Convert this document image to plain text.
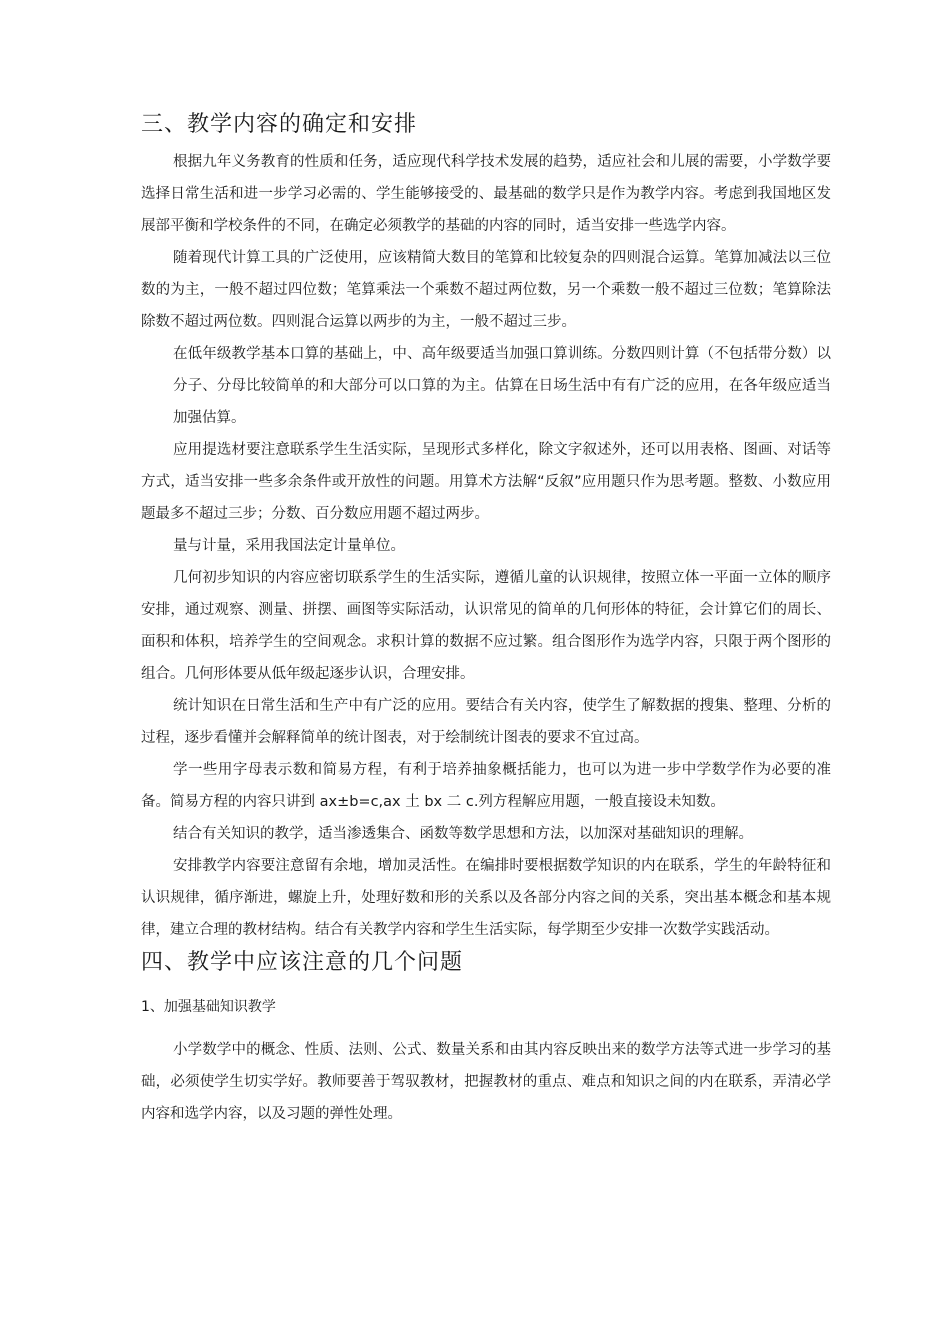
三、教学内容的确定和安排

根据九年义务教育的性质和任务，适应现代科学技术发展的趋势，适应社会和儿展的需要，小学数学要选择日常生活和进一步学习必需的、学生能够接受的、最基础的数学只是作为教学内容。考虑到我国地区发展部平衡和学校条件的不同，在确定必须教学的基础的内容的同时，适当安排一些选学内容。

随着现代计算工具的广泛使用，应该精简大数目的笔算和比较复杂的四则混合运算。笔算加减法以三位数的为主，一般不超过四位数；笔算乘法一个乘数不超过两位数，另一个乘数一般不超过三位数；笔算除法除数不超过两位数。四则混合运算以两步的为主，一般不超过三步。

在低年级教学基本口算的基础上，中、高年级要适当加强口算训练。分数四则计算（不包括带分数）以分子、分母比较简单的和大部分可以口算的为主。估算在日场生活中有有广泛的应用，在各年级应适当加强估算。

应用提选材要注意联系学生生活实际，呈现形式多样化，除文字叙述外，还可以用表格、图画、对话等方式，适当安排一些多余条件或开放性的问题。用算术方法解“反叙”应用题只作为思考题。整数、小数应用题最多不超过三步；分数、百分数应用题不超过两步。

量与计量，采用我国法定计量单位。

几何初步知识的内容应密切联系学生的生活实际，遵循儿童的认识规律，按照立体一平面一立体的顺序安排，通过观察、测量、拼摆、画图等实际活动，认识常见的简单的几何形体的特征，会计算它们的周长、面积和体积，培养学生的空间观念。求积计算的数据不应过繁。组合图形作为选学内容，只限于两个图形的组合。几何形体要从低年级起逐步认识，合理安排。

统计知识在日常生活和生产中有广泛的应用。要结合有关内容，使学生了解数据的搜集、整理、分析的过程，逐步看懂并会解释简单的统计图表，对于绘制统计图表的要求不宜过高。

学一些用字母表示数和简易方程，有利于培养抽象概括能力，也可以为进一步中学数学作为必要的准备。简易方程的内容只讲到 ax±b=c,ax 土 bx 二 c.列方程解应用题，一般直接设未知数。

结合有关知识的教学，适当渗透集合、函数等数学思想和方法，以加深对基础知识的理解。

安排教学内容要注意留有余地，增加灵活性。在编排时要根据数学知识的内在联系，学生的年龄特征和认识规律，循序渐进，螺旋上升，处理好数和形的关系以及各部分内容之间的关系，突出基本概念和基本规律，建立合理的教材结构。结合有关教学内容和学生生活实际，每学期至少安排一次数学实践活动。

四、教学中应该注意的几个问题

1、加强基础知识教学

小学数学中的概念、性质、法则、公式、数量关系和由其内容反映出来的数学方法等式进一步学习的基础，必须使学生切实学好。教师要善于驾驭教材，把握教材的重点、难点和知识之间的内在联系，弄清必学内容和选学内容，以及习题的弹性处理。
